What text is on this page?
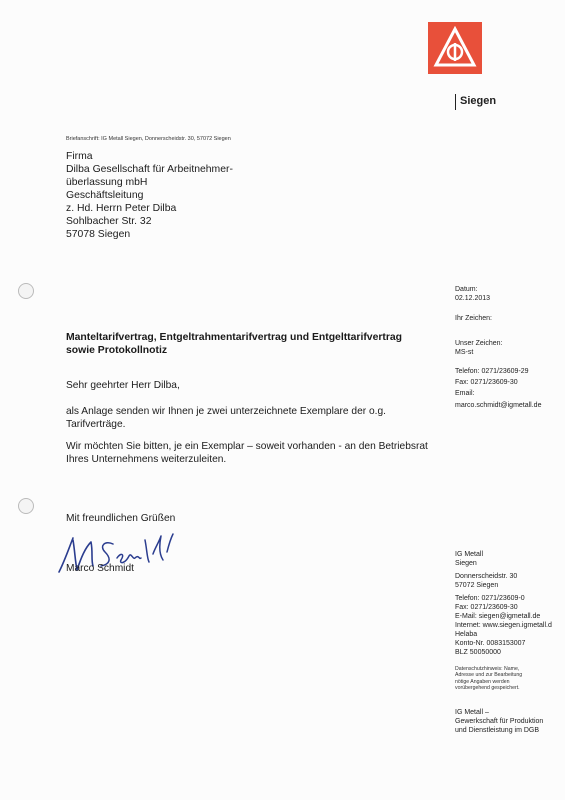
Siegen
Briefanschrift: IG Metall Siegen, Donnerscheidstr. 30, 57072 Siegen
Firma
Dilba Gesellschaft für Arbeitnehmer-
überlassung mbH
Geschäftsleitung
z. Hd. Herrn Peter Dilba
Sohlbacher Str. 32
57078 Siegen
Datum:
02.12.2013
Ihr Zeichen:
Unser Zeichen:
MS-st
Telefon: 0271/23609-29
Fax: 0271/23609-30
Email:
marco.schmidt@igmetall.de
Manteltarifvertrag, Entgeltrahmentarifvertrag und Entgelttarifvertrag sowie Protokollnotiz
Sehr geehrter Herr Dilba,
als Anlage senden wir Ihnen je zwei unterzeichnete Exemplare der o.g. Tarifverträge.
Wir möchten Sie bitten, je ein Exemplar – soweit vorhanden - an den Betriebsrat Ihres Unternehmens weiterzuleiten.
Mit freundlichen Grüßen
Marco Schmidt
IG Metall
Siegen
Donnerscheidstr. 30
57072 Siegen
Telefon: 0271/23609-0
Fax: 0271/23609-30
E-Mail: siegen@igmetall.de
Internet: www.siegen.igmetall.d
Helaba
Konto-Nr. 0083153007
BLZ 50050000
Datenschutzhinweis: Name,
Adresse und zur Bearbeitung
nötige Angaben werden
vorübergehend gespeichert.
IG Metall –
Gewerkschaft für Produktion
und Dienstleistung im DGB
